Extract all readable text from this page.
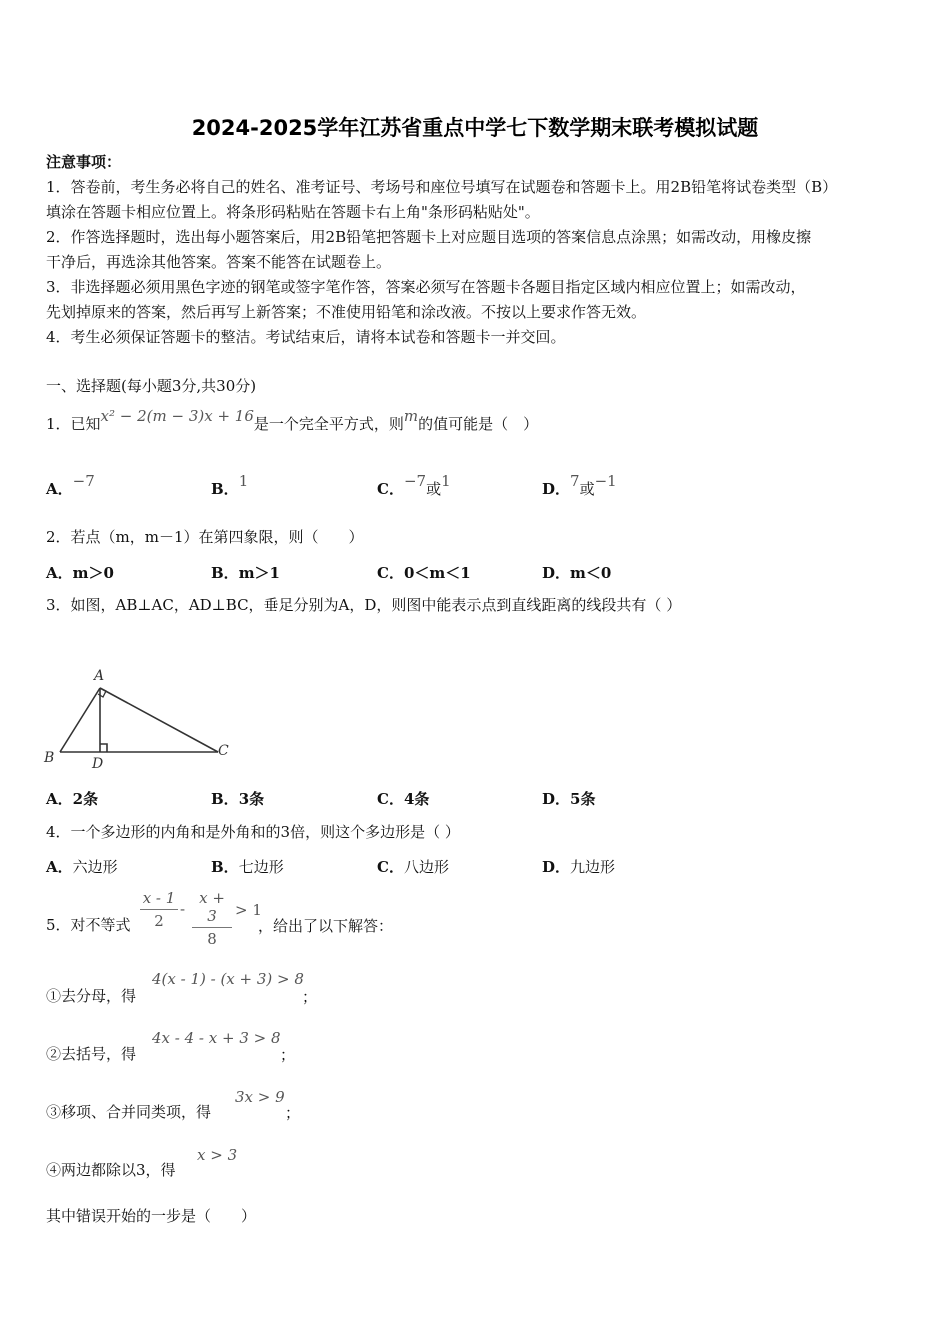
2024-2025学年江苏省重点中学七下数学期末联考模拟试题
注意事项：
1．答卷前，考生务必将自己的姓名、准考证号、考场号和座位号填写在试题卷和答题卡上。用2B铅笔将试卷类型（B）
填涂在答题卡相应位置上。将条形码粘贴在答题卡右上角"条形码粘贴处"。
2．作答选择题时，选出每小题答案后，用2B铅笔把答题卡上对应题目选项的答案信息点涂黑；如需改动，用橡皮擦
干净后，再选涂其他答案。答案不能答在试题卷上。
3．非选择题必须用黑色字迹的钢笔或签字笔作答，答案必须写在答题卡各题目指定区域内相应位置上；如需改动，
先划掉原来的答案，然后再写上新答案；不准使用铅笔和涂改液。不按以上要求作答无效。
4．考生必须保证答题卡的整洁。考试结束后，请将本试卷和答题卡一并交回。
一、选择题(每小题3分,共30分)
1．已知x² − 2(m − 3)x + 16是一个完全平方式，则m的值可能是（　）
A．−7	B．1	C．−7或1	D．7或−1
2．若点（m，m－1）在第四象限，则（　　）
A．m＞0	B．m＞1	C．0＜m＜1	D．m＜0
3．如图，AB⊥AC，AD⊥BC，垂足分别为A，D，则图中能表示点到直线距离的线段共有（ ）
A
B	C
D
A．2条	B．3条	C．4条	D．5条
4．一个多边形的内角和是外角和的3倍，则这个多边形是（ ）
A．六边形	B．七边形	C．八边形	D．九边形
5．对不等式
x - 1
2
-
x + 3
8
> 1
，给出了以下解答：
①去分母，得
4(x - 1) - (x + 3) > 8
；
②去括号，得
4x - 4 - x + 3 > 8
；
③移项、合并同类项，得
3x > 9
；
④两边都除以3，得
x > 3
其中错误开始的一步是（　　）
